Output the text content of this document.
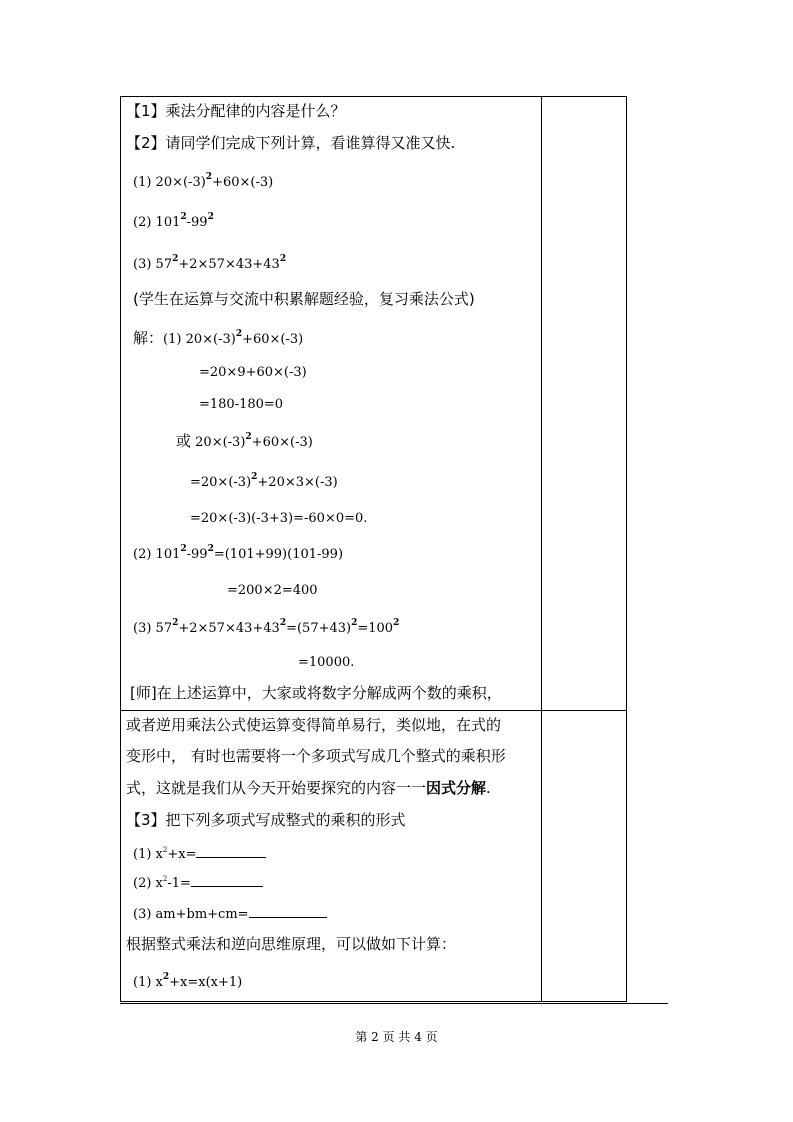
【1】乘法分配律的内容是什么？
【2】请同学们完成下列计算，看谁算得又准又快.
(1) $20\times(-3)^2+60\times(-3)$
(2) $101^2-99^2$
(3) $57^2+2\times 57\times 43+43^2$
(学生在运算与交流中积累解题经验，复习乘法公式)
解：(1) $20\times(-3)^2+60\times(-3)$
=20×9+60×(-3)
=180-180=0
或 $20\times(-3)^2+60\times(-3)$
$=20\times(-3)^2+20\times 3\times(-3)$
=20×(-3)(-3+3)=-60×0=0.
(2) $101^2-99^2=(101+99)(101-99)$
=200×2=400
(3) $57^2+2\times 57\times 43+43^2=(57+43)^2=100^2$
=10000.
[师]在上述运算中，大家或将数字分解成两个数的乘积，
或者逆用乘法公式使运算变得简单易行，类似地，在式的
变形中， 有时也需要将一个多项式写成几个整式的乘积形
式，这就是我们从今天开始要探究的内容一一因式分解.
【3】把下列多项式写成整式的乘积的形式
(1) $x^2+x=$
(2) $x^2-1=$
(3) am+bm+cm=
根据整式乘法和逆向思维原理，可以做如下计算：
(1) $x^2+x=x(x+1)$
第 2 页 共 4 页
